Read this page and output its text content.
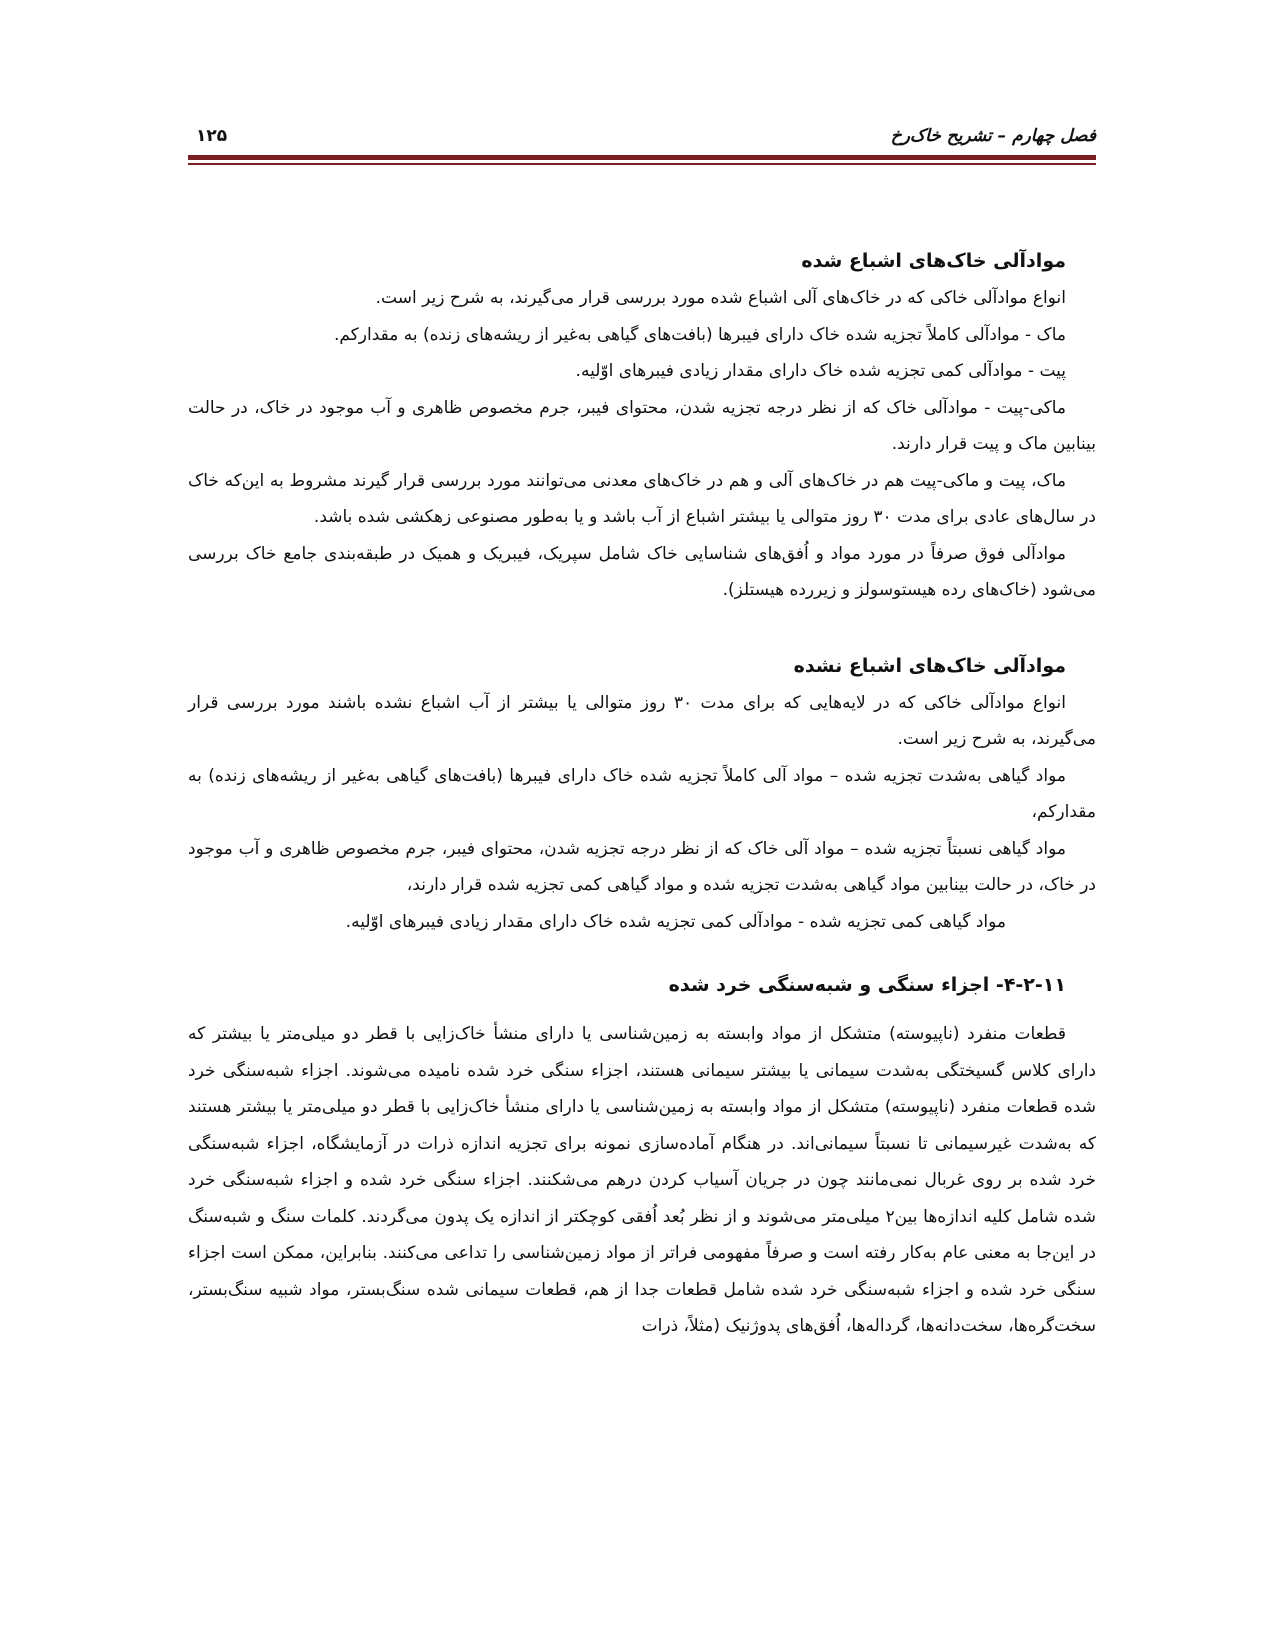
فصل چهارم – تشریح خاک‌رخ
۱۲۵
موادآلی خاک‌های اشباع شده

انواع موادآلی خاکی که در خاک‌های آلی اشباع شده مورد بررسی قرار می‌گیرند، به شرح زیر است.

ماک - موادآلی کاملاً تجزیه شده خاک دارای فیبرها (بافت‌های گیاهی به‌غیر از ریشه‌های زنده) به مقدارکم.

پیت - موادآلی کمی تجزیه شده خاک دارای مقدار زیادی فیبرهای اوّلیه.

ماکی-پیت - موادآلی خاک که از نظر درجه تجزیه شدن، محتوای فیبر، جرم مخصوص ظاهری و آب موجود در خاک، در حالت بینابین ماک و پیت قرار دارند.

ماک، پیت و ماکی-پیت هم در خاک‌های آلی و هم در خاک‌های معدنی می‌توانند مورد بررسی قرار گیرند مشروط به این‌که خاک در سال‌های عادی برای مدت ۳۰ روز متوالی یا بیشتر اشباع از آب باشد و یا به‌طور مصنوعی زهکشی شده باشد.

موادآلی فوق صرفاً در مورد مواد و اُفق‌های شناسایی خاک شامل سپریک، فیبریک و همیک در طبقه‌بندی جامع خاک بررسی می‌شود (خاک‌های رده هیستوسولز و زیررده هیستلز).

موادآلی خاک‌های اشباع نشده

انواع موادآلی خاکی که در لایه‌هایی که برای مدت ۳۰ روز متوالی یا بیشتر از آب اشباع نشده باشند مورد بررسی قرار می‌گیرند، به شرح زیر است.

مواد گیاهی به‌شدت تجزیه شده – مواد آلی کاملاً تجزیه شده خاک دارای فیبرها (بافت‌های گیاهی به‌غیر از ریشه‌های زنده) به مقدارکم،

مواد گیاهی نسبتاً تجزیه شده – مواد آلی خاک که از نظر درجه تجزیه شدن، محتوای فیبر، جرم مخصوص ظاهری و آب موجود در خاک، در حالت بینابین مواد گیاهی به‌شدت تجزیه شده و مواد گیاهی کمی تجزیه شده قرار دارند،

مواد گیاهی کمی تجزیه شده - موادآلی کمی تجزیه شده خاک دارای مقدار زیادی فیبرهای اوّلیه.

۴-۲-۱۱- اجزاء سنگی و شبه‌سنگی خرد شده

قطعات منفرد (ناپیوسته) متشکل از مواد وابسته به زمین‌شناسی یا دارای منشأ خاک‌زایی با قطر دو میلی‌متر یا بیشتر که دارای کلاس گسیختگی به‌شدت سیمانی یا بیشتر سیمانی هستند، اجزاء سنگی خرد شده نامیده می‌شوند. اجزاء شبه‌سنگی خرد شده قطعات منفرد (ناپیوسته) متشکل از مواد وابسته به زمین‌شناسی یا دارای منشأ خاک‌زایی با قطر دو میلی‌متر یا بیشتر هستند که به‌شدت غیرسیمانی تا نسبتاً سیمانی‌اند. در هنگام آماده‌سازی نمونه برای تجزیه اندازه ذرات در آزمایشگاه، اجزاء شبه‌سنگی خرد شده بر روی غربال نمی‌مانند چون در جریان آسیاب کردن درهم می‌شکنند. اجزاء سنگی خرد شده و اجزاء شبه‌سنگی خرد شده شامل کلیه اندازه‌ها بین۲ میلی‌متر می‌شوند و از نظر بُعد اُفقی کوچکتر از اندازه یک پدون می‌گردند. کلمات سنگ و شبه‌سنگ در این‌جا به معنی عام به‌کار رفته است و صرفاً مفهومی فراتر از مواد زمین‌شناسی را تداعی می‌کنند. بنابراین، ممکن است اجزاء سنگی خرد شده و اجزاء شبه‌سنگی خرد شده شامل قطعات جدا از هم، قطعات سیمانی شده سنگ‌بستر، مواد شبیه سنگ‌بستر، سخت‌گره‌ها، سخت‌دانه‌ها، گرداله‌ها، اُفق‌های پدوژنیک (مثلاً، ذرات
